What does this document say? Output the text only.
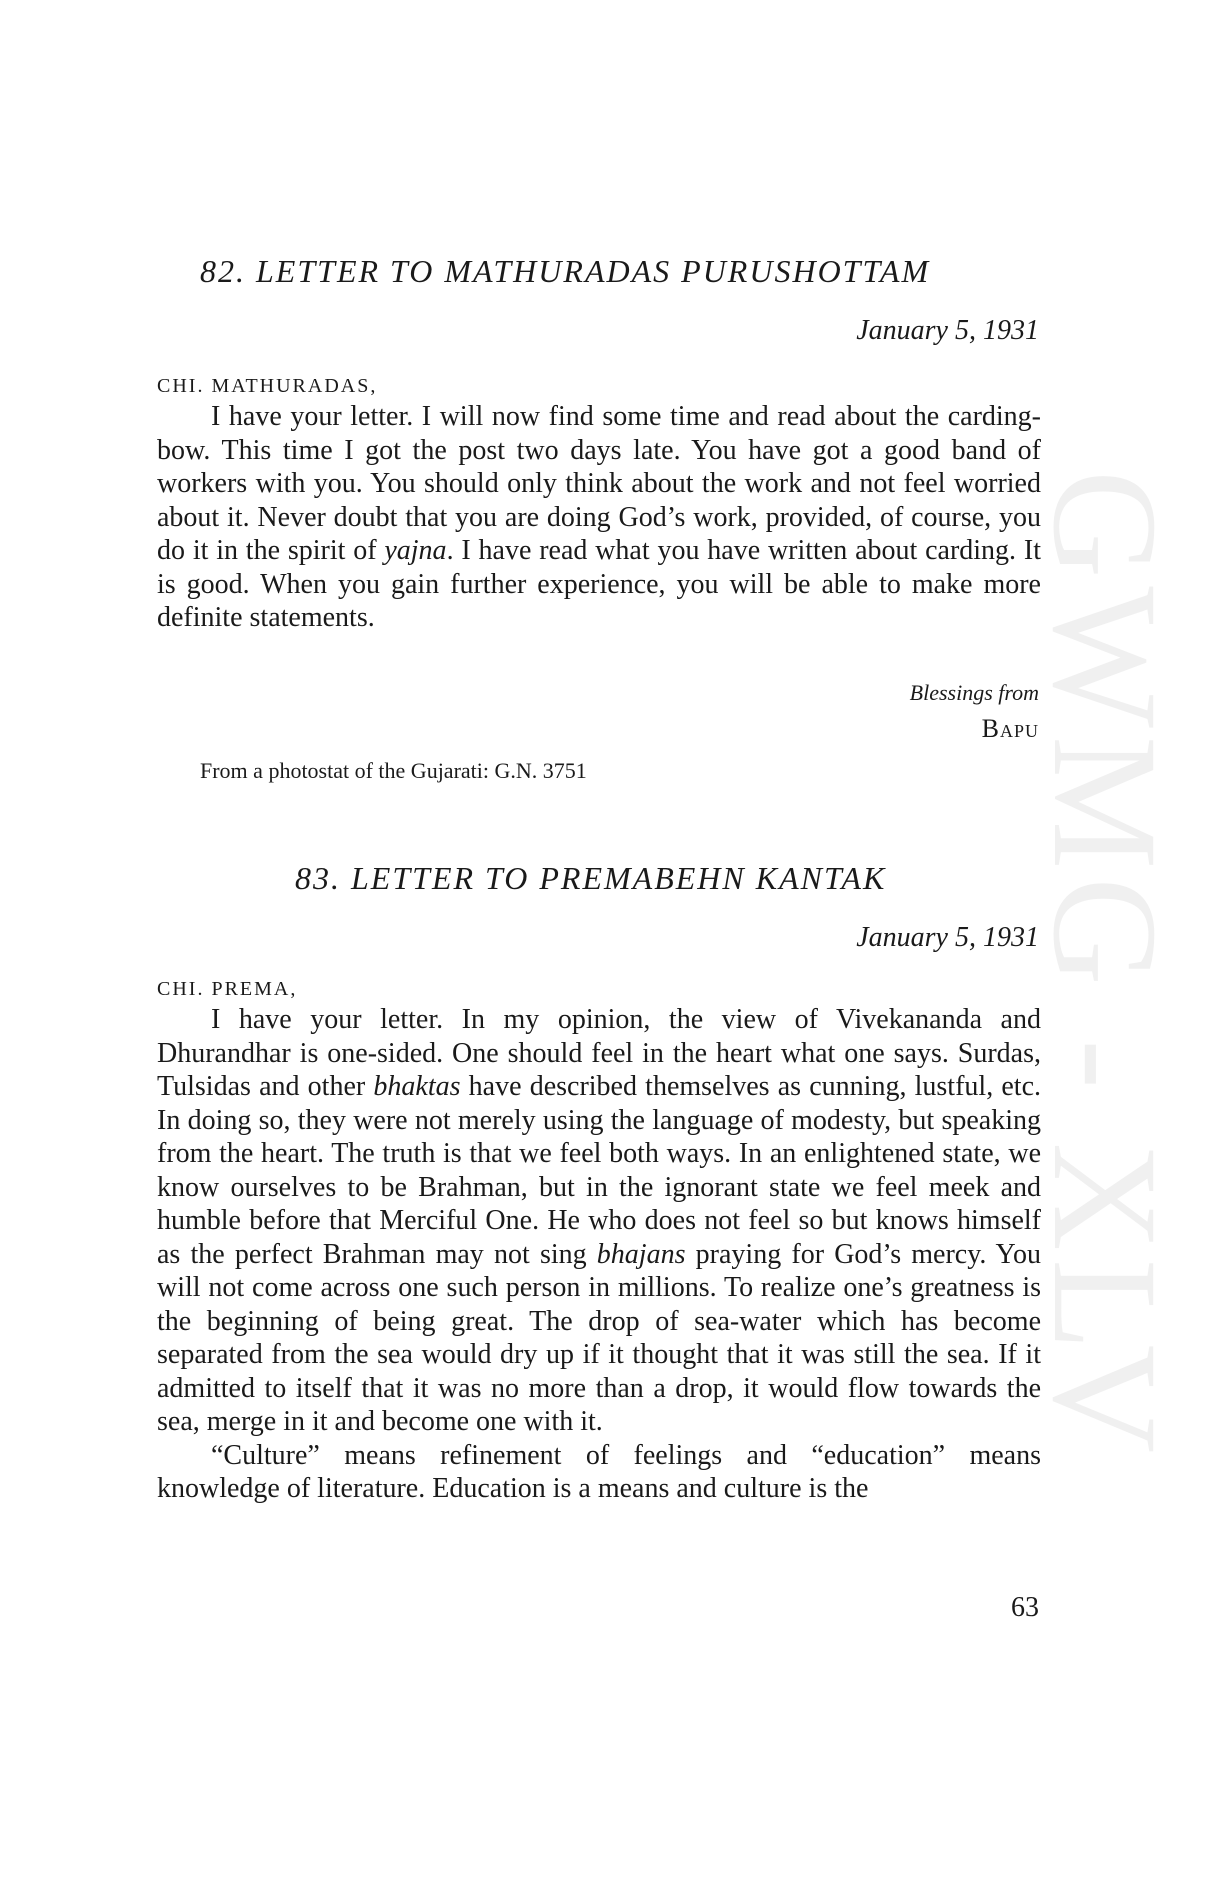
GWMG - XLV
82. LETTER TO MATHURADAS PURUSHOTTAM
January 5, 1931
CHI. MATHURADAS,

I have your letter. I will now find some time and read about the carding-bow. This time I got the post two days late. You have got a good band of workers with you. You should only think about the work and not feel worried about it. Never doubt that you are doing God’s work, provided, of course, you do it in the spirit of yajna. I have read what you have written about carding. It is good. When you gain further experience, you will be able to make more definite statements.

Blessings from
Bapu
From a photostat of the Gujarati: G.N. 3751
83. LETTER TO PREMABEHN KANTAK
January 5, 1931
CHI. PREMA,

I have your letter. In my opinion, the view of Vivekananda and Dhurandhar is one-sided. One should feel in the heart what one says. Surdas, Tulsidas and other bhaktas have described themselves as cunning, lustful, etc. In doing so, they were not merely using the language of modesty, but speaking from the heart. The truth is that we feel both ways. In an enlightened state, we know ourselves to be Brahman, but in the ignorant state we feel meek and humble before that Merciful One. He who does not feel so but knows himself as the perfect Brahman may not sing bhajans praying for God’s mercy. You will not come across one such person in millions. To realize one’s greatness is the beginning of being great. The drop of sea-water which has become separated from the sea would dry up if it thought that it was still the sea. If it admitted to itself that it was no more than a drop, it would flow towards the sea, merge in it and become one with it.

“Culture” means refinement of feelings and “education” means knowledge of literature. Education is a means and culture is the

63
